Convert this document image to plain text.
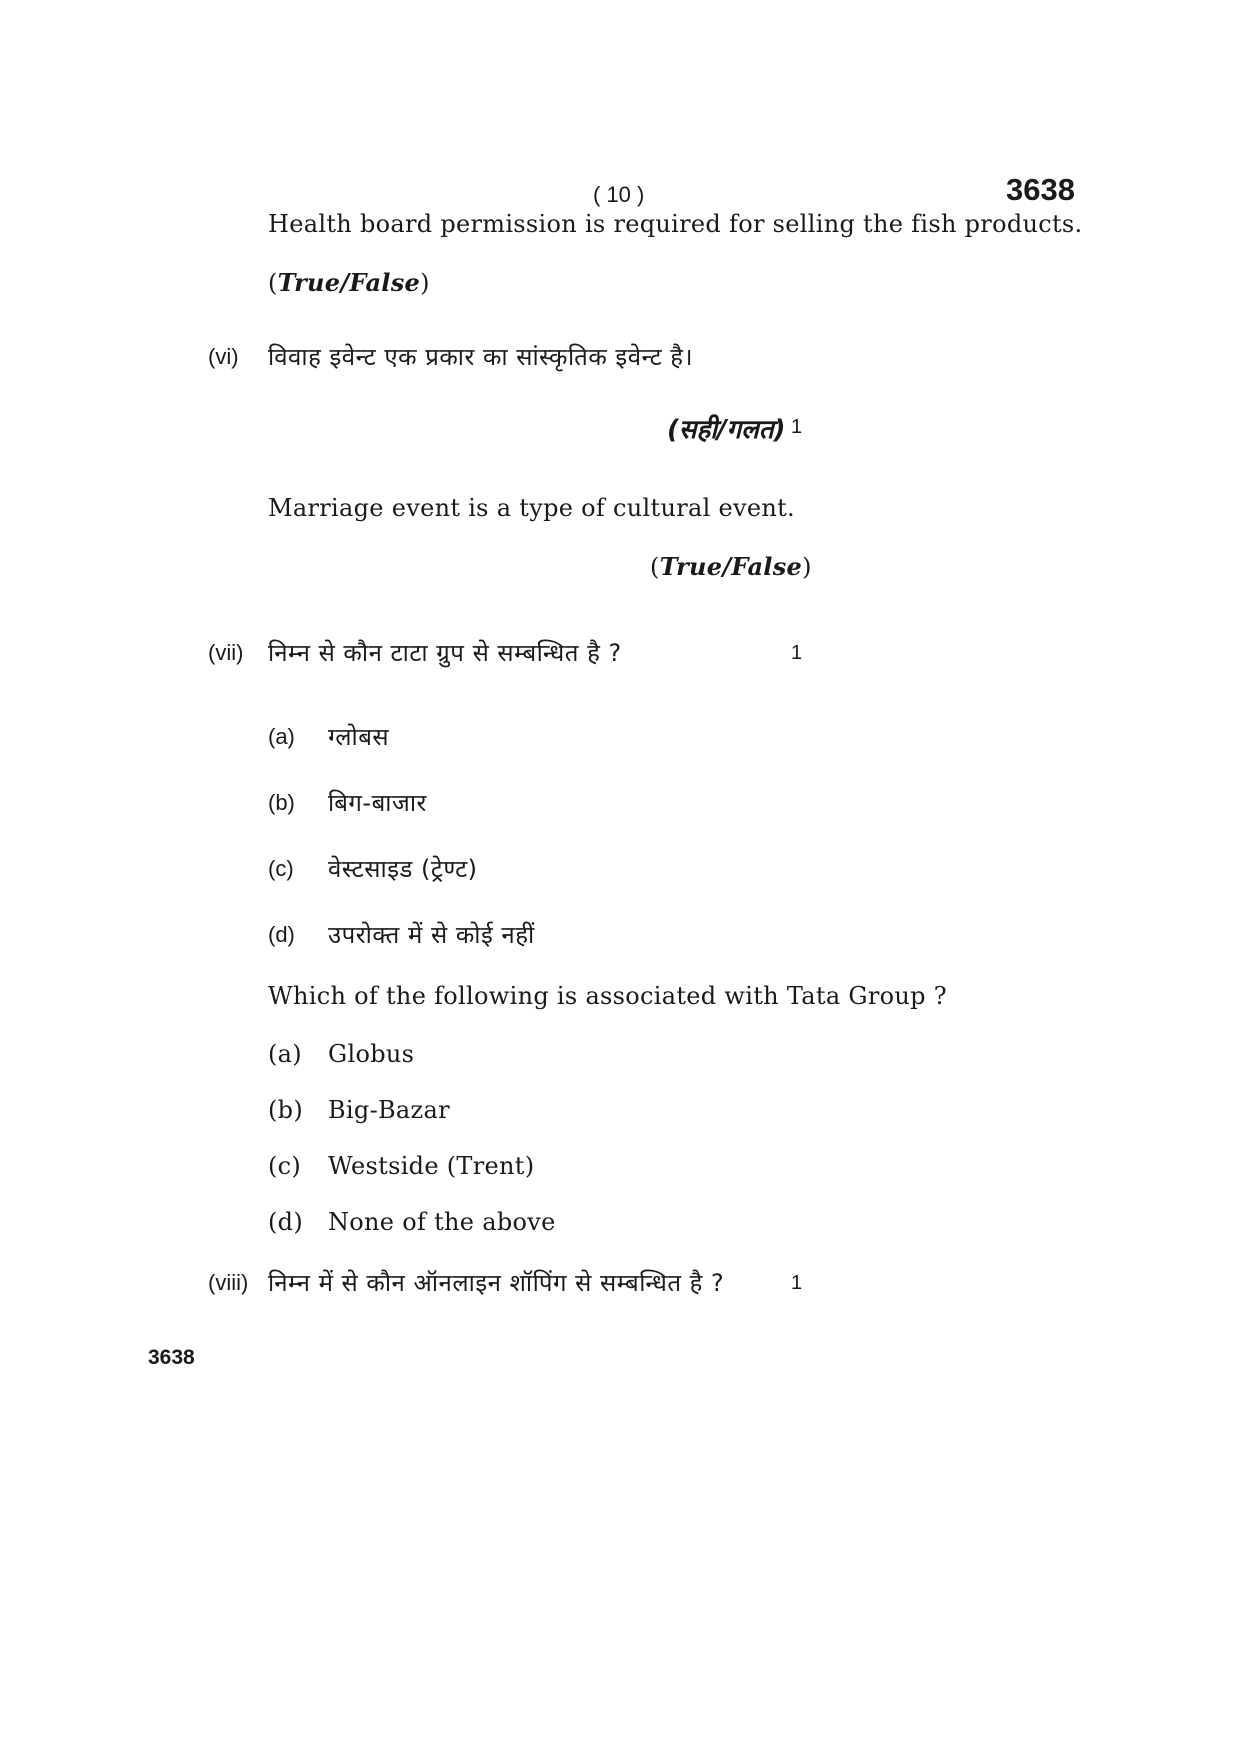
( 10 )	3638

Health board permission is required for selling the fish products.

(True/False)

(vi) विवाह इवेन्ट एक प्रकार का सांस्कृतिक इवेन्ट है।

(सही/गलत) 1

Marriage event is a type of cultural event.

(True/False)

(vii) निम्न से कौन टाटा ग्रुप से सम्बन्धित है ?	1

(a) ग्लोबस

(b) बिग-बाजार

(c) वेस्टसाइड (ट्रेण्ट)

(d) उपरोक्त में से कोई नहीं

Which of the following is associated with Tata Group ?

(a) Globus

(b) Big-Bazar

(c) Westside (Trent)

(d) None of the above

(viii) निम्न में से कौन ऑनलाइन शॉपिंग से सम्बन्धित है ?	1

3638
